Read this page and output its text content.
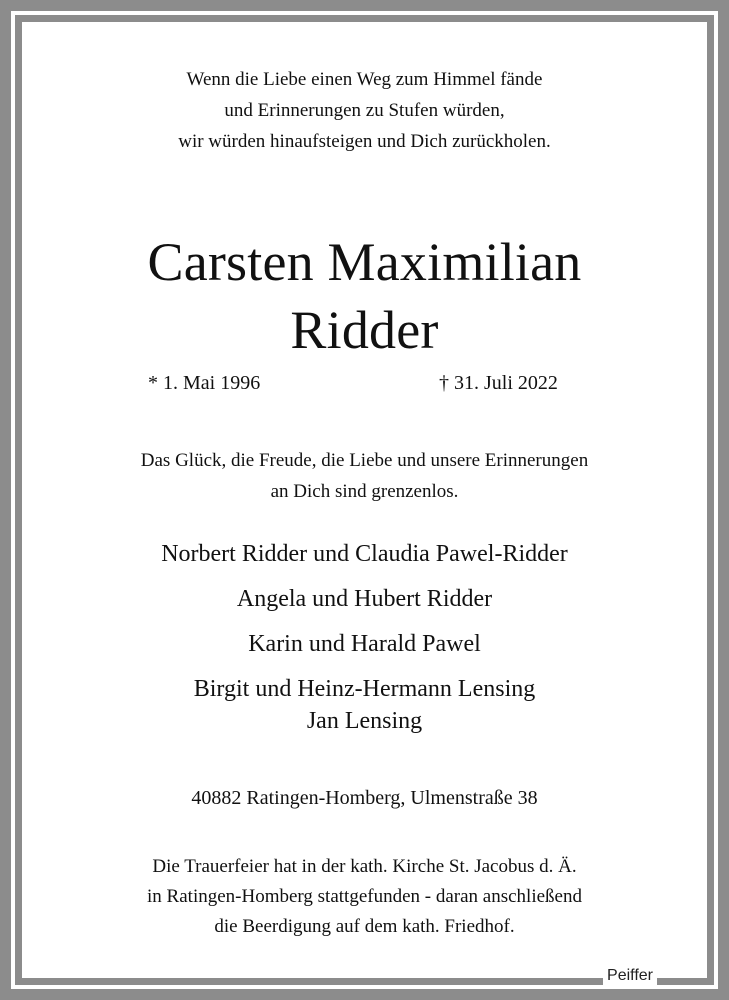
Wenn die Liebe einen Weg zum Himmel fände
und Erinnerungen zu Stufen würden,
wir würden hinaufsteigen und Dich zurückholen.
Carsten Maximilian
Ridder
* 1. Mai 1996	† 31. Juli 2022
Das Glück, die Freude, die Liebe und unsere Erinnerungen
an Dich sind grenzenlos.
Norbert Ridder und Claudia Pawel-Ridder
Angela und Hubert Ridder
Karin und Harald Pawel
Birgit und Heinz-Hermann Lensing
Jan Lensing
40882 Ratingen-Homberg, Ulmenstraße 38
Die Trauerfeier hat in der kath. Kirche St. Jacobus d. Ä.
in Ratingen-Homberg stattgefunden - daran anschließend
die Beerdigung auf dem kath. Friedhof.
Peiffer
